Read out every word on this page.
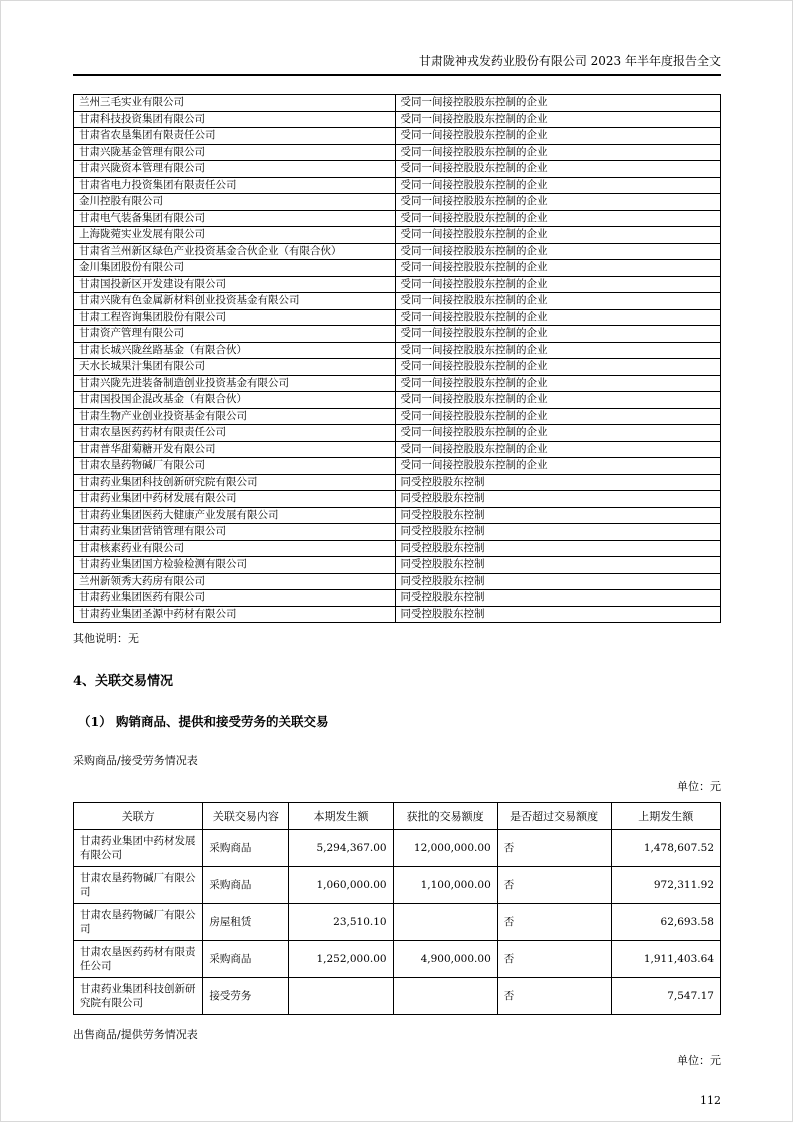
甘肃陇神戎发药业股份有限公司 2023 年半年度报告全文
兰州三毛实业有限公司	受同一间接控股股东控制的企业
甘肃科技投资集团有限公司	受同一间接控股股东控制的企业
甘肃省农垦集团有限责任公司	受同一间接控股股东控制的企业
甘肃兴陇基金管理有限公司	受同一间接控股股东控制的企业
甘肃兴陇资本管理有限公司	受同一间接控股股东控制的企业
甘肃省电力投资集团有限责任公司	受同一间接控股股东控制的企业
金川控股有限公司	受同一间接控股股东控制的企业
甘肃电气装备集团有限公司	受同一间接控股股东控制的企业
上海陇菀实业发展有限公司	受同一间接控股股东控制的企业
甘肃省兰州新区绿色产业投资基金合伙企业（有限合伙）	受同一间接控股股东控制的企业
金川集团股份有限公司	受同一间接控股股东控制的企业
甘肃国投新区开发建设有限公司	受同一间接控股股东控制的企业
甘肃兴陇有色金属新材料创业投资基金有限公司	受同一间接控股股东控制的企业
甘肃工程咨询集团股份有限公司	受同一间接控股股东控制的企业
甘肃资产管理有限公司	受同一间接控股股东控制的企业
甘肃长城兴陇丝路基金（有限合伙）	受同一间接控股股东控制的企业
天水长城果汁集团有限公司	受同一间接控股股东控制的企业
甘肃兴陇先进装备制造创业投资基金有限公司	受同一间接控股股东控制的企业
甘肃国投国企混改基金（有限合伙）	受同一间接控股股东控制的企业
甘肃生物产业创业投资基金有限公司	受同一间接控股股东控制的企业
甘肃农垦医药药材有限责任公司	受同一间接控股股东控制的企业
甘肃普华甜菊糖开发有限公司	受同一间接控股股东控制的企业
甘肃农垦药物碱厂有限公司	受同一间接控股股东控制的企业
甘肃药业集团科技创新研究院有限公司	同受控股股东控制
甘肃药业集团中药材发展有限公司	同受控股股东控制
甘肃药业集团医药大健康产业发展有限公司	同受控股股东控制
甘肃药业集团营销管理有限公司	同受控股股东控制
甘肃核素药业有限公司	同受控股股东控制
甘肃药业集团国方检验检测有限公司	同受控股股东控制
兰州新领秀大药房有限公司	同受控股股东控制
甘肃药业集团医药有限公司	同受控股股东控制
甘肃药业集团圣源中药材有限公司	同受控股股东控制

其他说明：无

4、关联交易情况

（1） 购销商品、提供和接受劳务的关联交易

采购商品/接受劳务情况表

单位：元

关联方	关联交易内容	本期发生额	获批的交易额度	是否超过交易额度	上期发生额
甘肃药业集团中药材发展有限公司	采购商品	5,294,367.00	12,000,000.00	否	1,478,607.52
甘肃农垦药物碱厂有限公司	采购商品	1,060,000.00	1,100,000.00	否	972,311.92
甘肃农垦药物碱厂有限公司	房屋租赁	23,510.10		否	62,693.58
甘肃农垦医药药材有限责任公司	采购商品	1,252,000.00	4,900,000.00	否	1,911,403.64
甘肃药业集团科技创新研究院有限公司	接受劳务			否	7,547.17

出售商品/提供劳务情况表

单位：元

112
